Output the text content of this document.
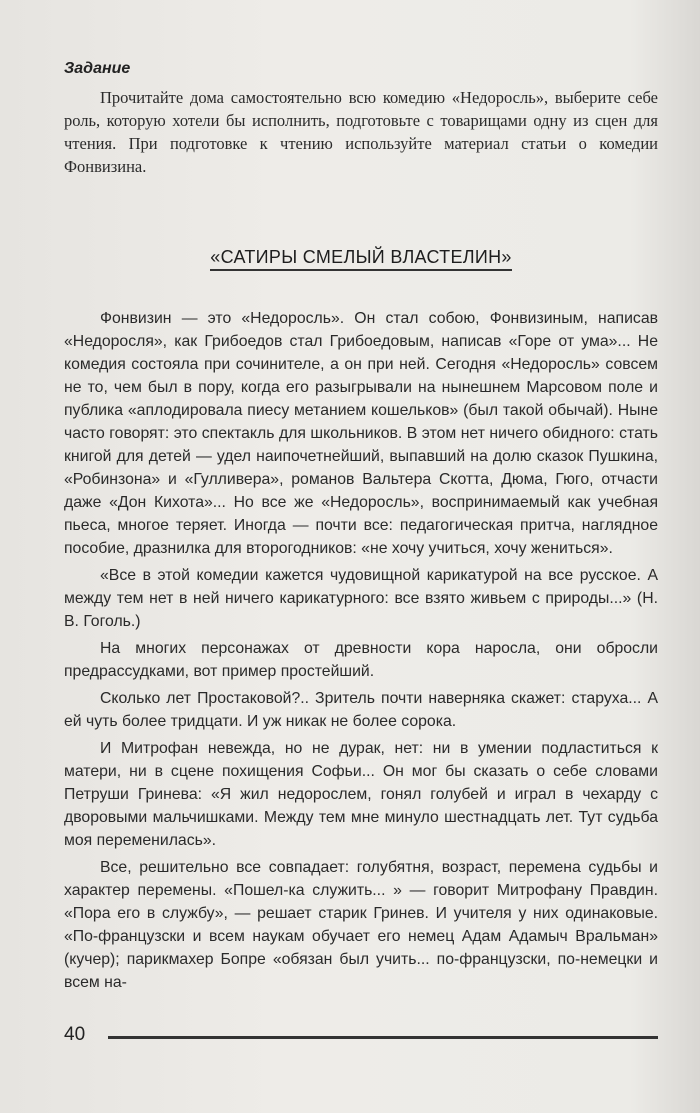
Задание
Прочитайте дома самостоятельно всю комедию «Недоросль», выберите себе роль, которую хотели бы исполнить, подготовьте с товарищами одну из сцен для чтения. При подготовке к чтению используйте материал статьи о комедии Фонвизина.
«САТИРЫ СМЕЛЫЙ ВЛАСТЕЛИН»

Фонвизин — это «Недоросль». Он стал собою, Фонвизиным, написав «Недоросля», как Грибоедов стал Грибоедовым, написав «Горе от ума»... Не комедия состояла при сочинителе, а он при ней. Сегодня «Недоросль» совсем не то, чем был в пору, когда его разыгрывали на нынешнем Марсовом поле и публика «аплодировала пиесу метанием кошельков» (был такой обычай). Ныне часто говорят: это спектакль для школьников. В этом нет ничего обидного: стать книгой для детей — удел наипочетнейший, выпавший на долю сказок Пушкина, «Робинзона» и «Гулливера», романов Вальтера Скотта, Дюма, Гюго, отчасти даже «Дон Кихота»... Но все же «Недоросль», воспринимаемый как учебная пьеса, многое теряет. Иногда — почти все: педагогическая притча, наглядное пособие, дразнилка для второгодников: «не хочу учиться, хочу жениться».

«Все в этой комедии кажется чудовищной карикатурой на все русское. А между тем нет в ней ничего карикатурного: все взято живьем с природы...» (Н. В. Гоголь.)

На многих персонажах от древности кора наросла, они обросли предрассудками, вот пример простейший.

Сколько лет Простаковой?.. Зритель почти наверняка скажет: старуха... А ей чуть более тридцати. И уж никак не более сорока.

И Митрофан невежда, но не дурак, нет: ни в умении подластиться к матери, ни в сцене похищения Софьи... Он мог бы сказать о себе словами Петруши Гринева: «Я жил недорослем, гонял голубей и играл в чехарду с дворовыми мальчишками. Между тем мне минуло шестнадцать лет. Тут судьба моя переменилась».

Все, решительно все совпадает: голубятня, возраст, перемена судьбы и характер перемены. «Пошел-ка служить... » — говорит Митрофану Правдин. «Пора его в службу», — решает старик Гринев. И учителя у них одинаковые. «По-французски и всем наукам обучает его немец Адам Адамыч Вральман» (кучер); парикмахер Бопре «обязан был учить... по-французски, по-немецки и всем на-

40
